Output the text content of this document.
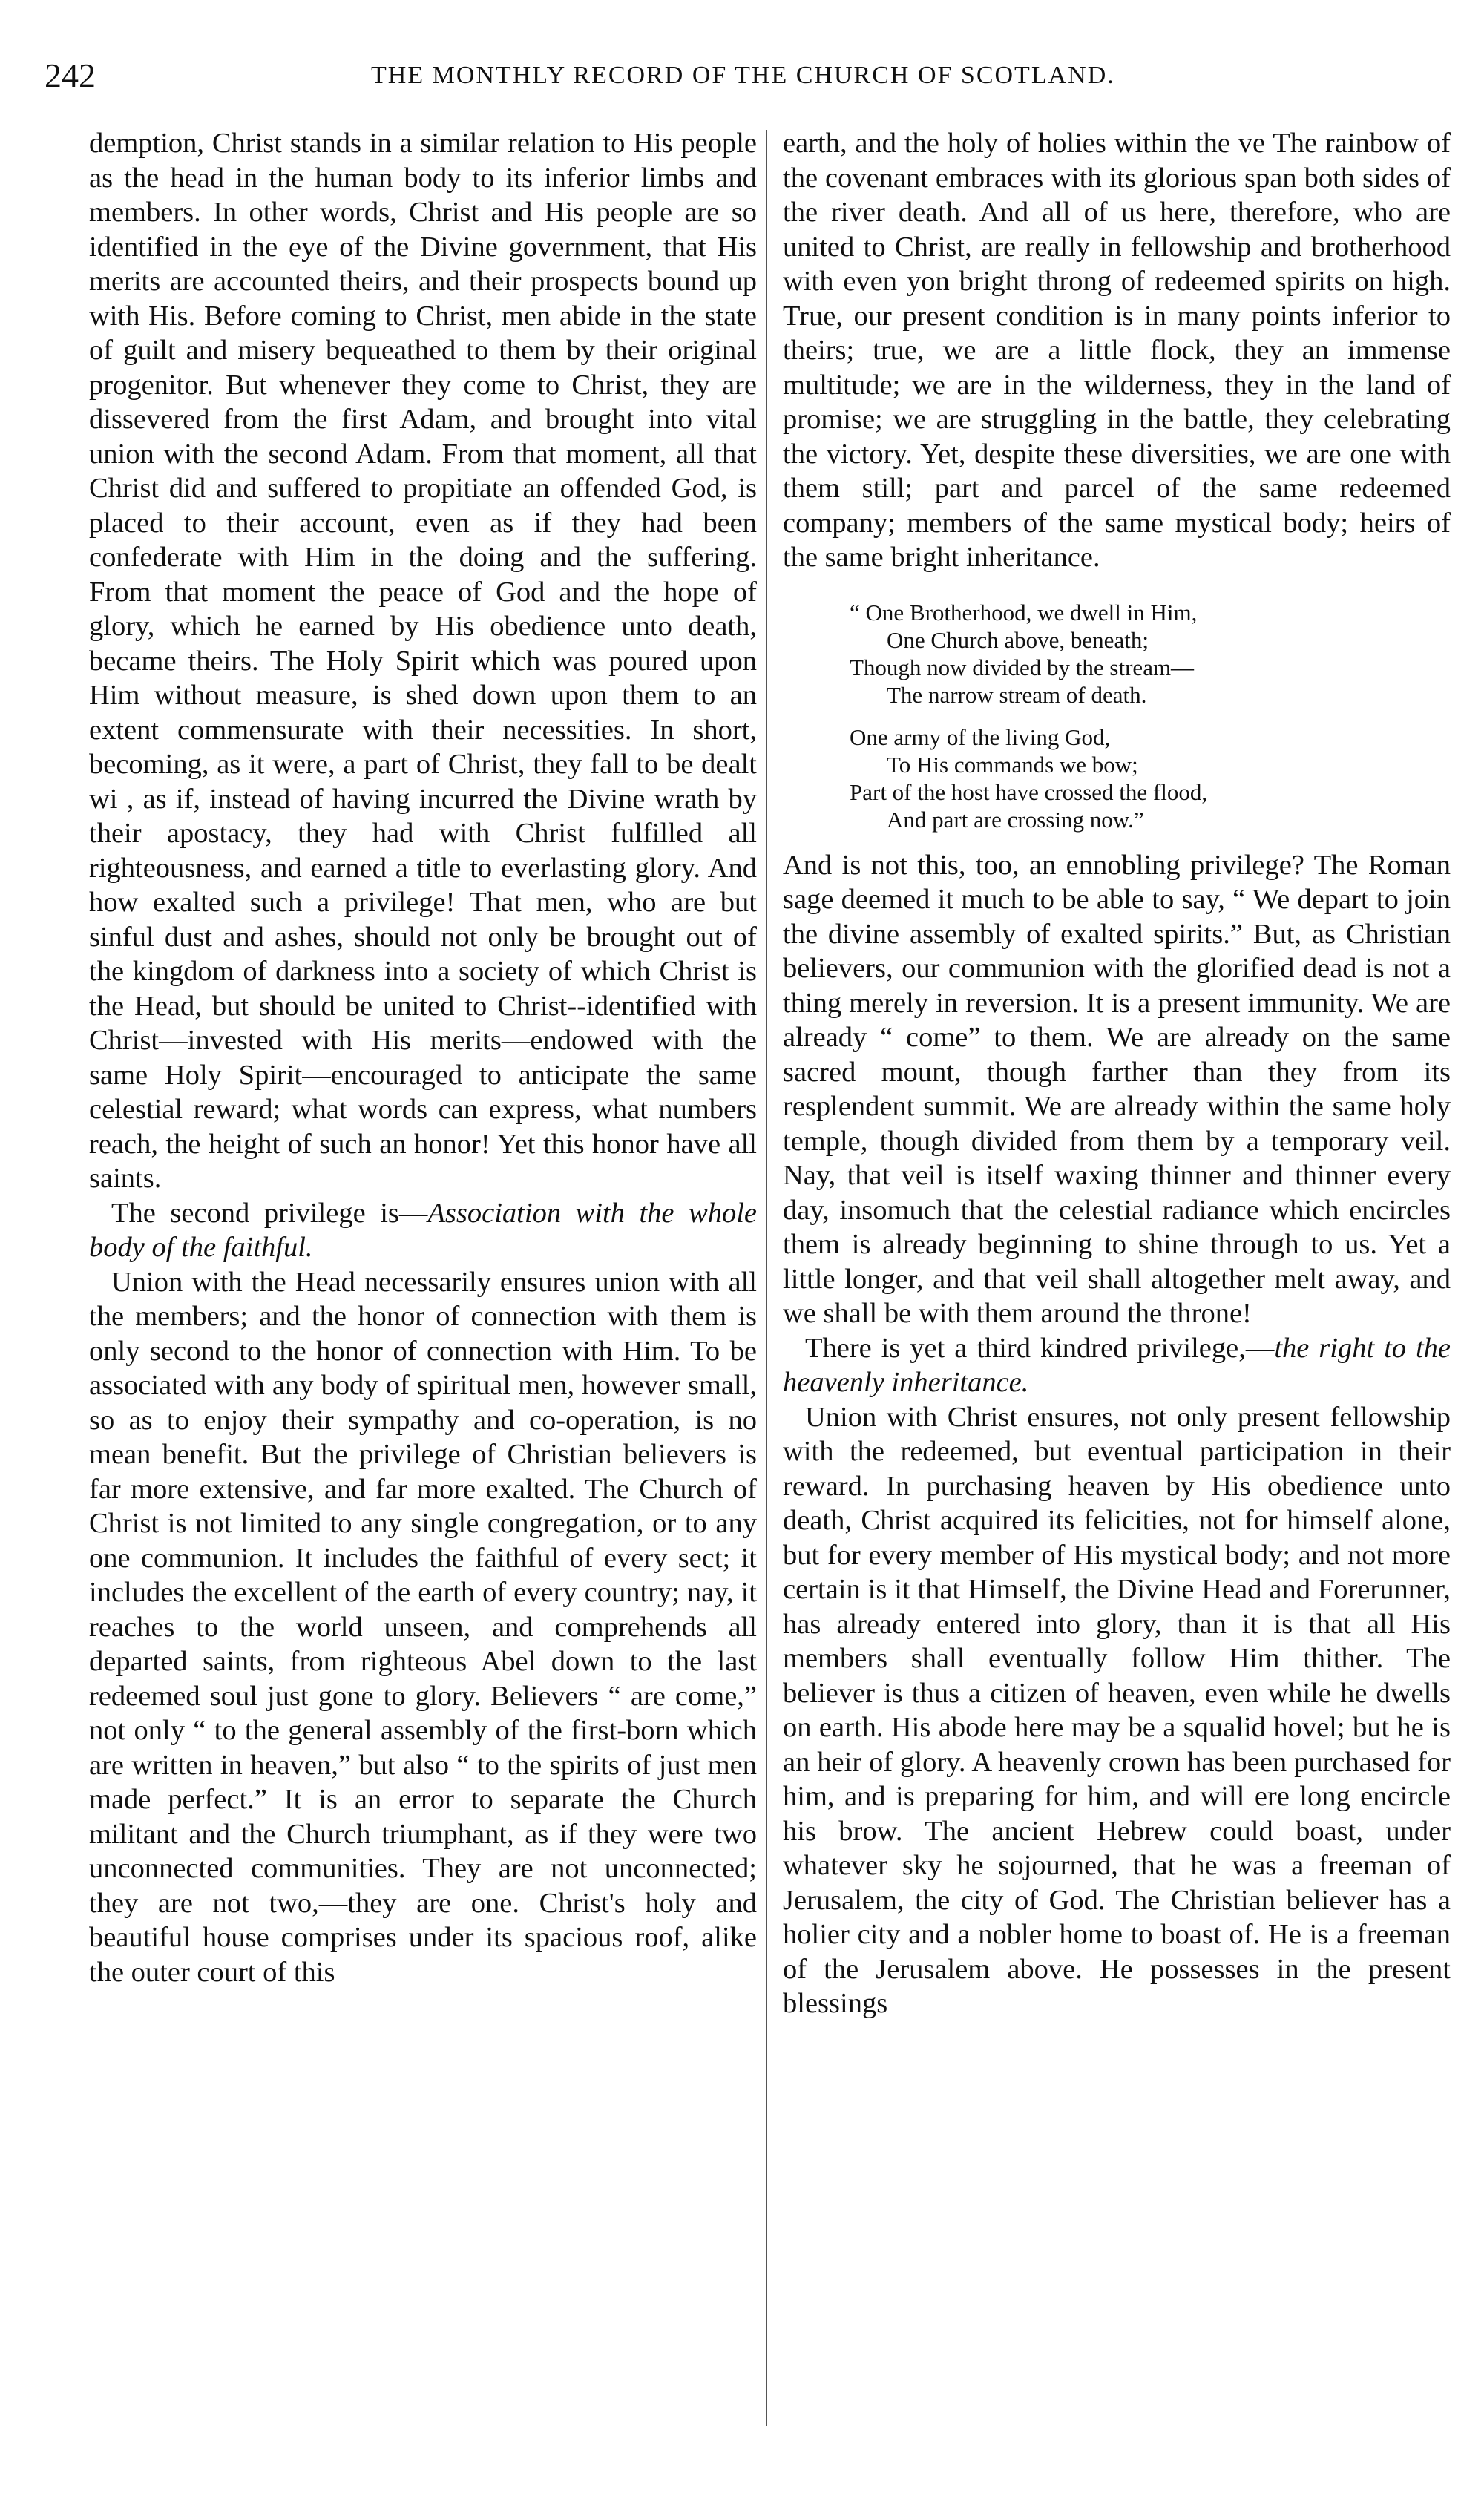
242	THE MONTHLY RECORD OF THE CHURCH OF SCOTLAND.

demption, Christ stands in a similar relation to His people as the head in the human body to its inferior limbs and members. In other words, Christ and His people are so identified in the eye of the Divine government, that His merits are accounted theirs, and their prospects bound up with His. Before coming to Christ, men abide in the state of guilt and misery bequeathed to them by their original progenitor. But whenever they come to Christ, they are dissevered from the first Adam, and brought into vital union with the second Adam. From that moment, all that Christ did and suffered to propitiate an offended God, is placed to their account, even as if they had been confederate with Him in the doing and the suffering. From that moment the peace of God and the hope of glory, which he earned by His obedience unto death, became theirs. The Holy Spirit which was poured upon Him without measure, is shed down upon them to an extent commensurate with their necessities. In short, becoming, as it were, a part of Christ, they fall to be dealt wi , as if, instead of having incurred the Divine wrath by their apostacy, they had with Christ fulfilled all righteousness, and earned a title to everlasting glory. And how exalted such a privilege! That men, who are but sinful dust and ashes, should not only be brought out of the kingdom of darkness into a society of which Christ is the Head, but should be united to Christ--identified with Christ—invested with His merits—endowed with the same Holy Spirit—encouraged to anticipate the same celestial reward; what words can express, what numbers reach, the height of such an honor! Yet this honor have all saints.

The second privilege is—Association with the whole body of the faithful.

Union with the Head necessarily ensures union with all the members; and the honor of connection with them is only second to the honor of connection with Him. To be associated with any body of spiritual men, however small, so as to enjoy their sympathy and co-operation, is no mean benefit. But the privilege of Christian believers is far more extensive, and far more exalted. The Church of Christ is not limited to any single congregation, or to any one communion. It includes the faithful of every sect; it includes the excellent of the earth of every country; nay, it reaches to the world unseen, and comprehends all departed saints, from righteous Abel down to the last redeemed soul just gone to glory. Believers “ are come,” not only “ to the general assembly of the first-born which are written in heaven,” but also “ to the spirits of just men made perfect.” It is an error to separate the Church militant and the Church triumphant, as if they were two unconnected communities. They are not unconnected; they are not two,—they are one. Christ's holy and beautiful house comprises under its spacious roof, alike the outer court of this

earth, and the holy of holies within the ve The rainbow of the covenant embraces with its glorious span both sides of the river death. And all of us here, therefore, who are united to Christ, are really in fellowship and brotherhood with even yon bright throng of redeemed spirits on high. True, our present condition is in many points inferior to theirs; true, we are a little flock, they an immense multitude; we are in the wilderness, they in the land of promise; we are struggling in the battle, they celebrating the victory. Yet, despite these diversities, we are one with them still; part and parcel of the same redeemed company; members of the same mystical body; heirs of the same bright inheritance.

“ One Brotherhood, we dwell in Him,
One Church above, beneath;
Though now divided by the stream—
The narrow stream of death.
One army of the living God,
To His commands we bow;
Part of the host have crossed the flood,
And part are crossing now.”

And is not this, too, an ennobling privilege? The Roman sage deemed it much to be able to say, “ We depart to join the divine assembly of exalted spirits.” But, as Christian believers, our communion with the glorified dead is not a thing merely in reversion. It is a present immunity. We are already “ come” to them. We are already on the same sacred mount, though farther than they from its resplendent summit. We are already within the same holy temple, though divided from them by a temporary veil. Nay, that veil is itself waxing thinner and thinner every day, insomuch that the celestial radiance which encircles them is already beginning to shine through to us. Yet a little longer, and that veil shall altogether melt away, and we shall be with them around the throne!

There is yet a third kindred privilege,—the right to the heavenly inheritance.

Union with Christ ensures, not only present fellowship with the redeemed, but eventual participation in their reward. In purchasing heaven by His obedience unto death, Christ acquired its felicities, not for himself alone, but for every member of His mystical body; and not more certain is it that Himself, the Divine Head and Forerunner, has already entered into glory, than it is that all His members shall eventually follow Him thither. The believer is thus a citizen of heaven, even while he dwells on earth. His abode here may be a squalid hovel; but he is an heir of glory. A heavenly crown has been purchased for him, and is preparing for him, and will ere long encircle his brow. The ancient Hebrew could boast, under whatever sky he sojourned, that he was a freeman of Jerusalem, the city of God. The Christian believer has a holier city and a nobler home to boast of. He is a freeman of the Jerusalem above. He possesses in the present blessings
